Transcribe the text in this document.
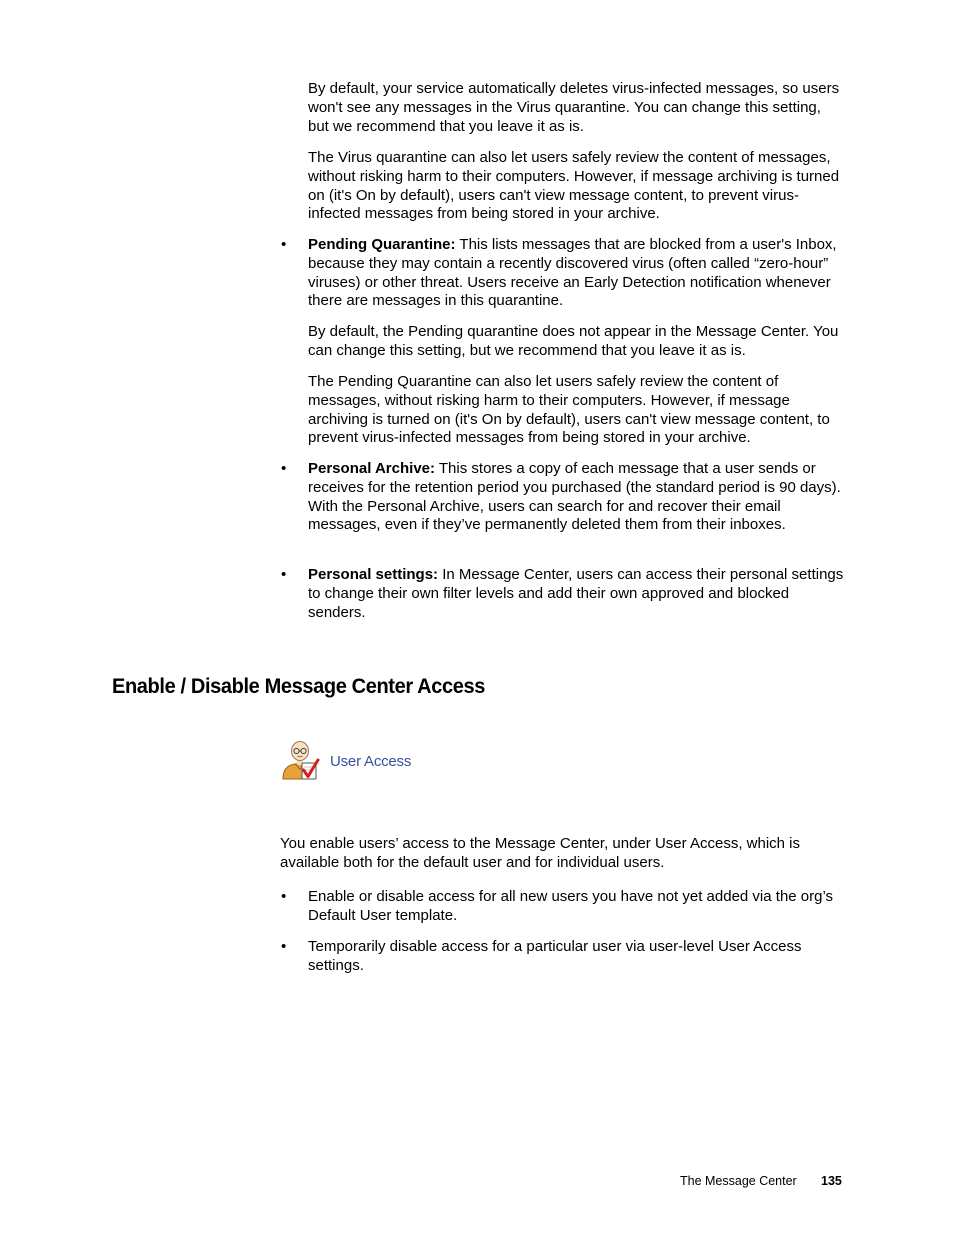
By default, your service automatically deletes virus-infected messages, so users won't see any messages in the Virus quarantine. You can change this setting, but we recommend that you leave it as is.

The Virus quarantine can also let users safely review the content of messages, without risking harm to their computers. However, if message archiving is turned on (it's On by default), users can't view message content, to prevent virus-infected messages from being stored in your archive.

• Pending Quarantine: This lists messages that are blocked from a user's Inbox, because they may contain a recently discovered virus (often called “zero-hour” viruses) or other threat. Users receive an Early Detection notification whenever there are messages in this quarantine.

By default, the Pending quarantine does not appear in the Message Center. You can change this setting, but we recommend that you leave it as is.

The Pending Quarantine can also let users safely review the content of messages, without risking harm to their computers. However, if message archiving is turned on (it's On by default), users can't view message content, to prevent virus-infected messages from being stored in your archive.

• Personal Archive: This stores a copy of each message that a user sends or receives for the retention period you purchased (the standard period is 90 days). With the Personal Archive, users can search for and recover their email messages, even if they’ve permanently deleted them from their inboxes.

• Personal settings: In Message Center, users can access their personal settings to change their own filter levels and add their own approved and blocked senders.

Enable / Disable Message Center Access
User Access

You enable users’ access to the Message Center, under User Access, which is available both for the default user and for individual users.

• Enable or disable access for all new users you have not yet added via the org’s Default User template.

• Temporarily disable access for a particular user via user-level User Access settings.

The Message Center 135
